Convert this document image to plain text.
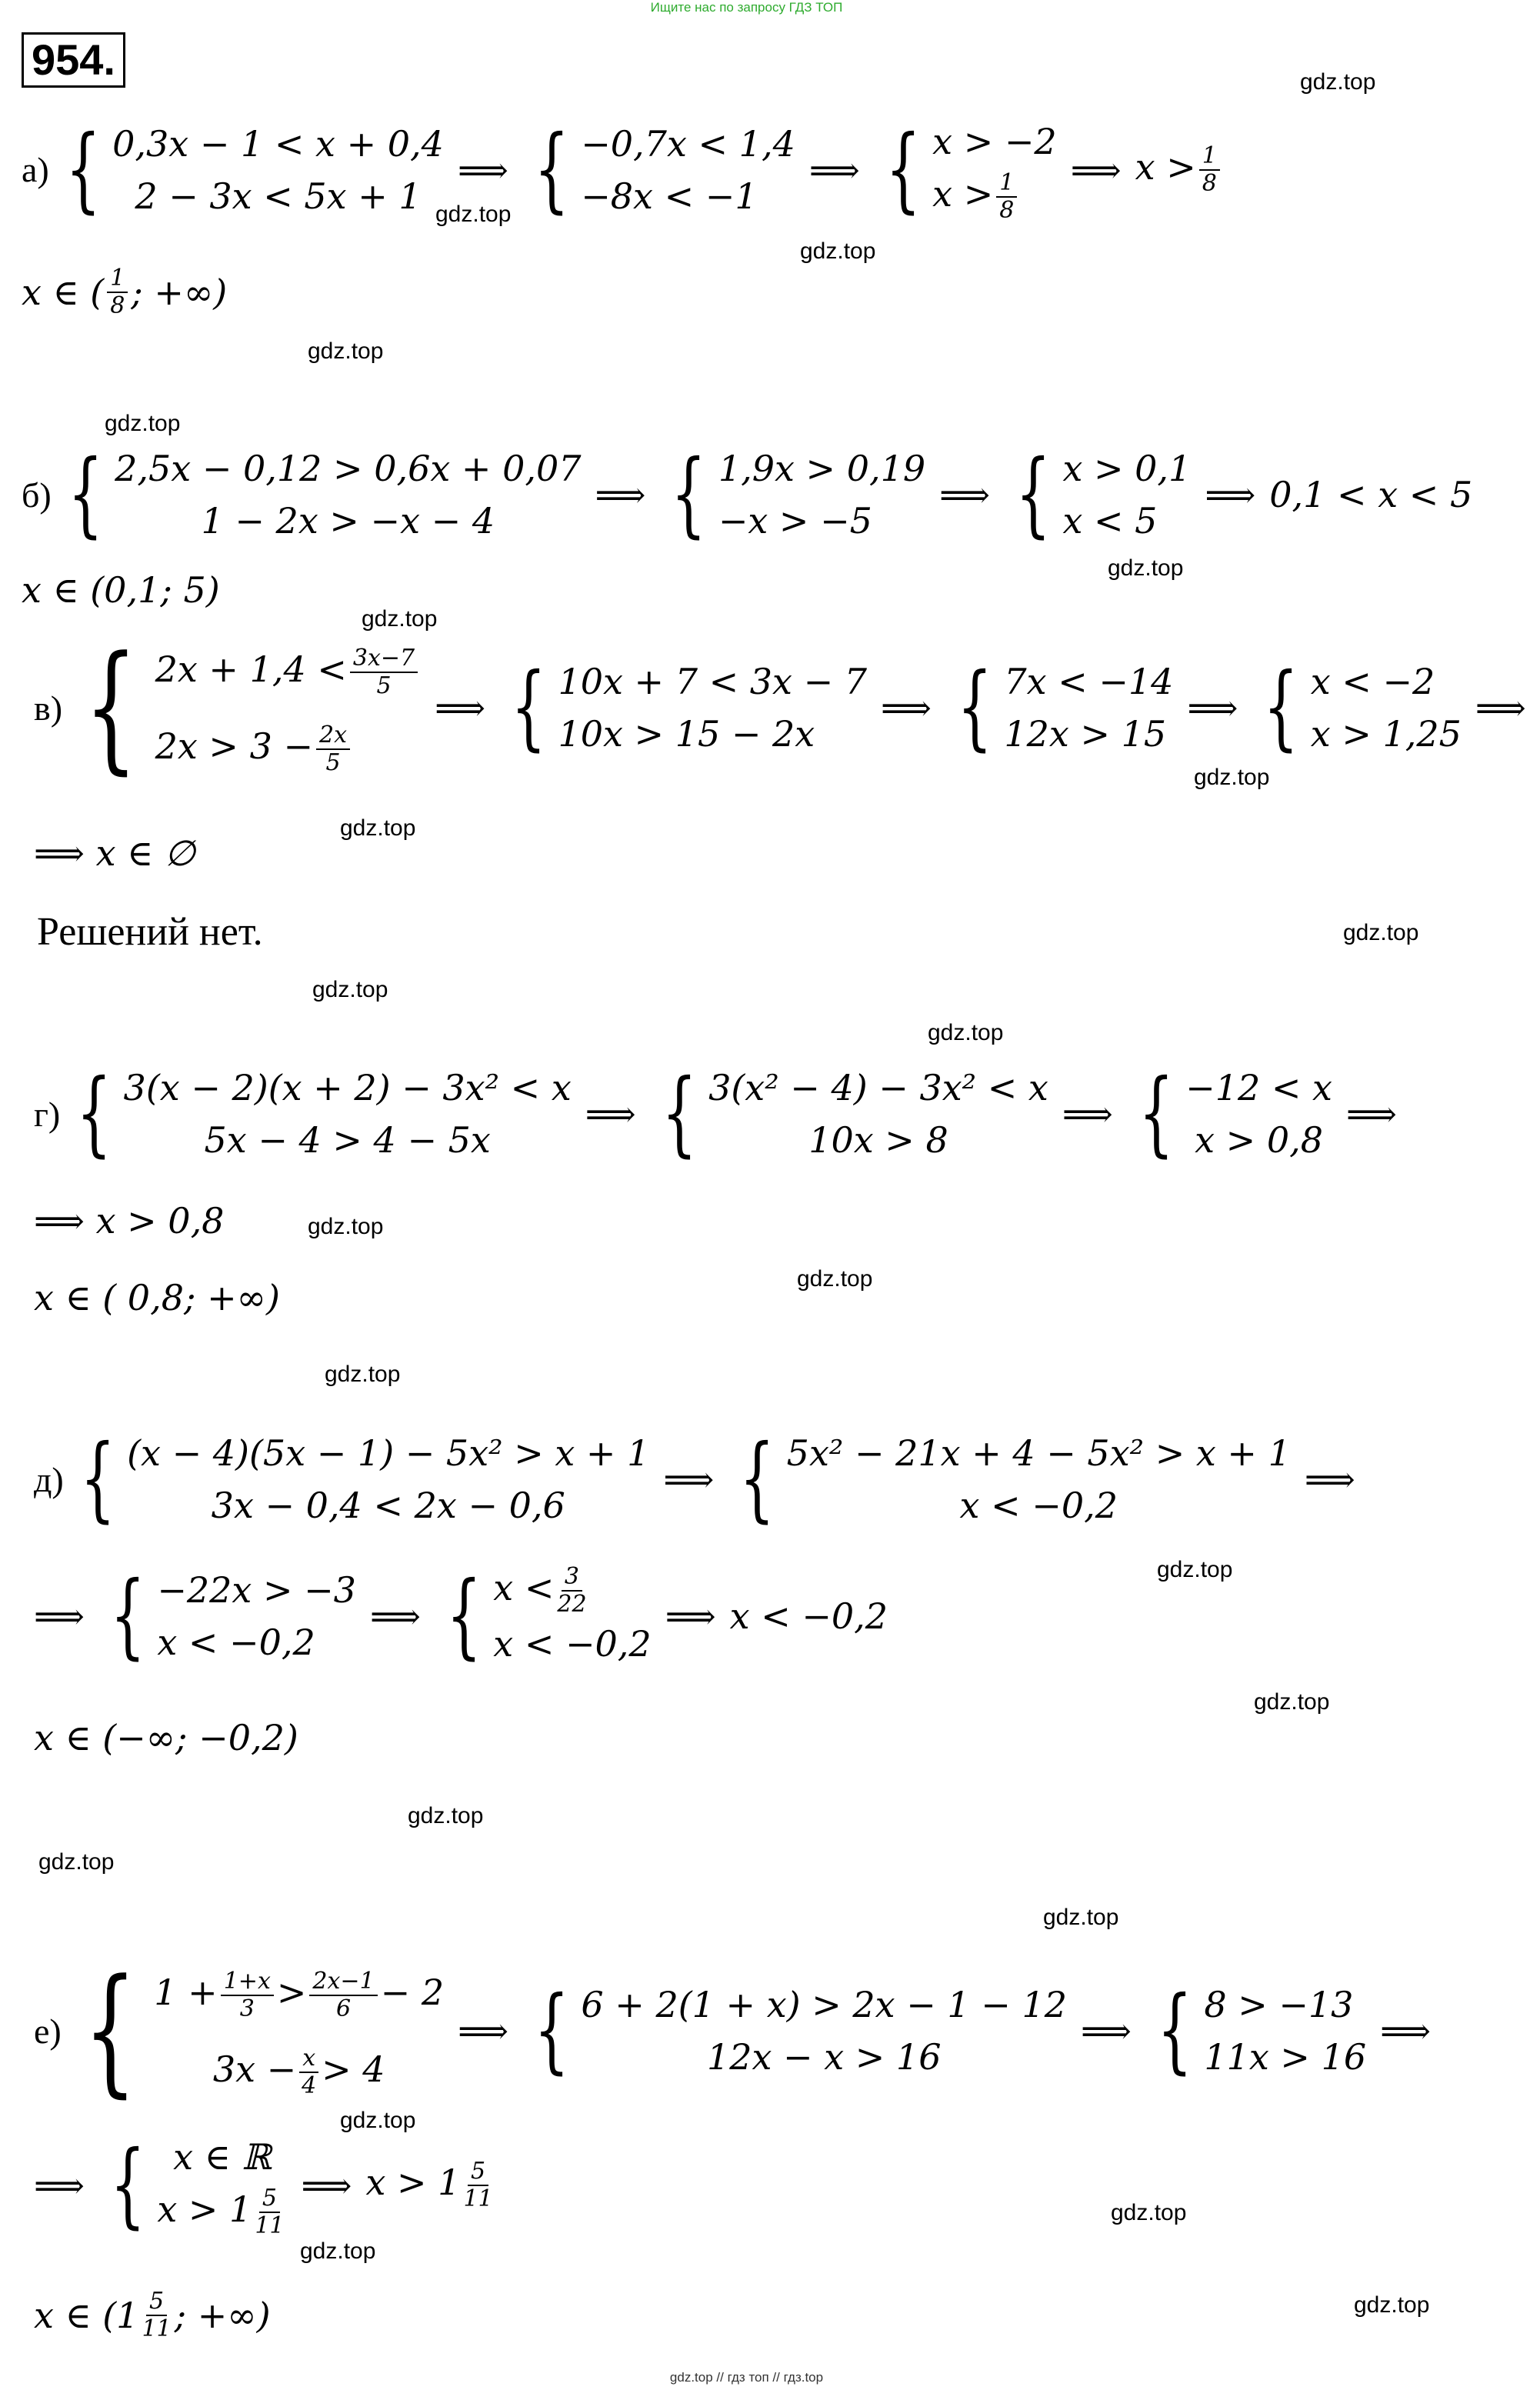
Ищите нас по запросу ГДЗ ТОП
954.	gdz.top
gdz.top
gdz.top
gdz.top
gdz.top
gdz.top
gdz.top
gdz.top
gdz.top
gdz.top
gdz.top
gdz.top
gdz.top
gdz.top
gdz.top
gdz.top
gdz.top
gdz.top
gdz.top
gdz.top
gdz.top
gdz.top
gdz.top
gdz.top
а) { 0,3x − 1 < x + 0,4
2 − 3x < 5x + 1
⟹ { −0,7x < 1,4
−8x < −1
⟹ { x > −2
$x > \frac{1}{8}$
⟹ $x > \frac{1}{8}$
x ∈ ( $\frac{1}{8}$ ; +∞)
б) { 2,5x − 0,12 > 0,6x + 0,07
1 − 2x > −x − 4
⟹ { 1,9x > 0,19
−x > −5
⟹ { x > 0,1
x < 5
⟹ 0,1 < x < 5
x ∈ (0,1; 5)
в) { $2x + 1,4 < \frac{3x-7}{5}$
$2x > 3 - \frac{2x}{5}$
⟹ { 10x + 7 < 3x − 7
10x > 15 − 2x
⟹ { 7x < −14
12x > 15
⟹ { x < −2
x > 1,25
⟹
⟹ x ∈ ∅
Решений нет.
г) { 3(x − 2)(x + 2) − 3x² < x
5x − 4 > 4 − 5x
⟹ { 3(x² − 4) − 3x² < x
10x > 8
⟹ { −12 < x
x > 0,8
⟹
⟹ x > 0,8
x ∈ ( 0,8; +∞)
д) { (x − 4)(5x − 1) − 5x² > x + 1
3x − 0,4 < 2x − 0,6
⟹ { 5x² − 21x + 4 − 5x² > x + 1
x < −0,2
⟹
⟹ { −22x > −3
x < −0,2
⟹ { $x < \frac{3}{22}$
x < −0,2
⟹ x < −0,2
x ∈ (−∞; −0,2)
е) { $1 + \frac{1+x}{3} > \frac{2x-1}{6} - 2$
$3x - \frac{x}{4} > 4$
⟹ { 6 + 2(1 + x) > 2x − 1 − 12
12x − x > 16
⟹ { 8 > −13
11x > 16
⟹
⟹ { x ∈ ℝ
$x > 1 \frac{5}{11}$
⟹ $x > 1 \frac{5}{11}$
x ∈ ($1 \frac{5}{11}$ ; +∞)
gdz.top // гдз топ // гдз.top
